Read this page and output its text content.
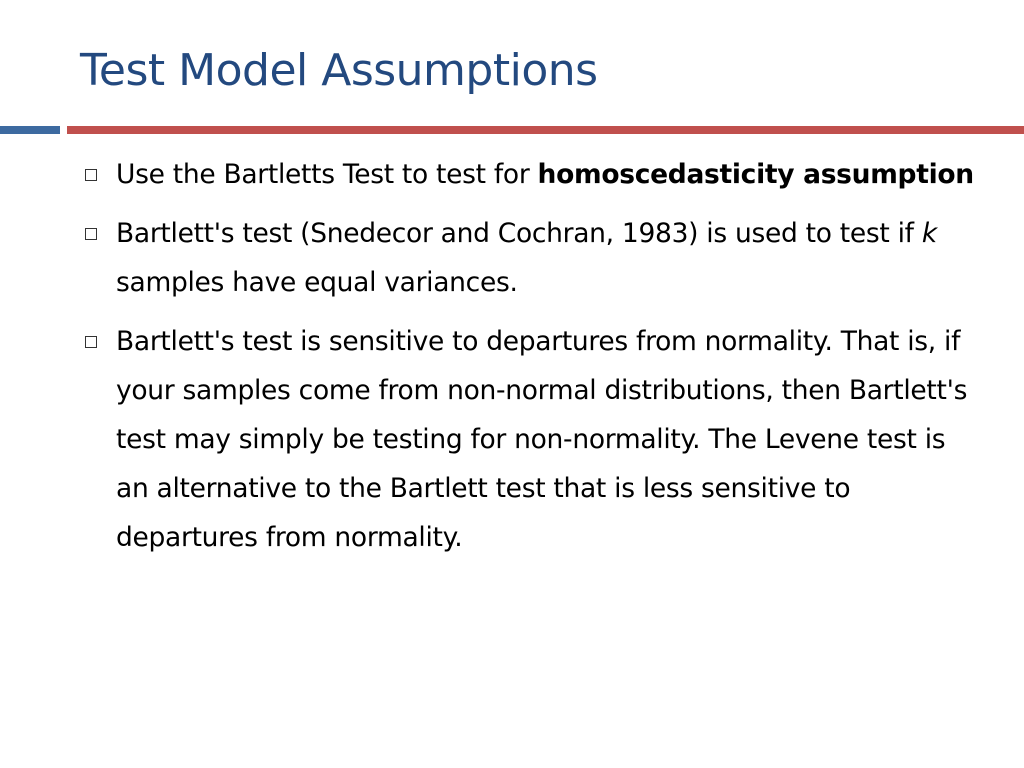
Test Model Assumptions
Use the Bartletts Test to test for homoscedasticity assumption
Bartlett's test (Snedecor and Cochran, 1983) is used to test if k samples have equal variances.
Bartlett's test is sensitive to departures from normality. That is, if your samples come from non-normal distributions, then Bartlett's test may simply be testing for non-normality. The Levene test is an alternative to the Bartlett test that is less sensitive to departures from normality.
